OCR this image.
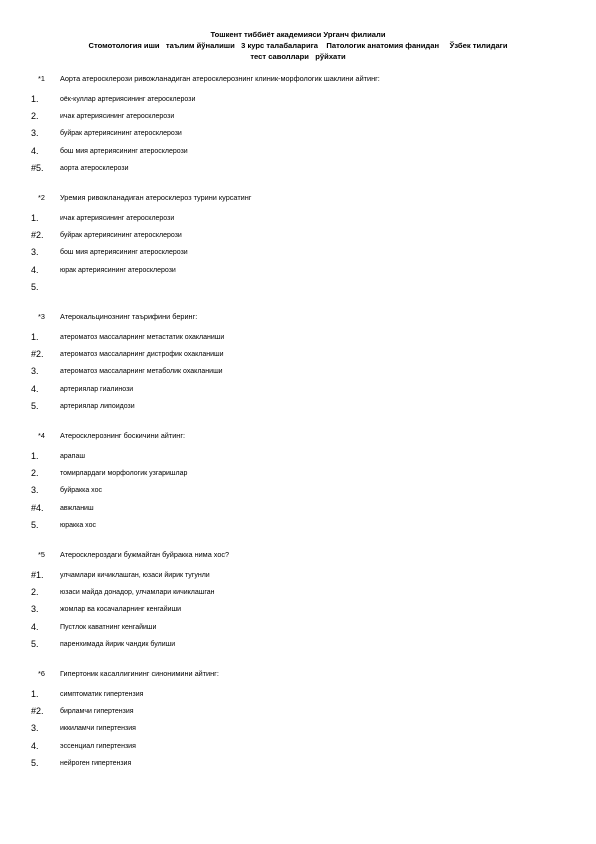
Тошкент тиббиёт академияси Урганч филиали
Стомотология иши   таълим йўналиши   3 курс талабаларига    Патологик анатомия фанидан     Ўзбек тилидаги
тест саволлари   рўйхати
*1 Аорта атеросклерози ривожланадиган атеросклерознинг клиник-морфологик шаклини айтинг:
1.	оёк-куллар артериясининг атеросклерози
2.	ичак артериясининг атеросклерози
3.	буйрак артериясининг атеросклерози
4.	бош мия артериясининг атеросклерози
#5. аорта атеросклерози
*2 Уремия ривожланадиган атеросклероз турини курсатинг
1.	ичак артериясининг атеросклерози
#2. буйрак артериясининг атеросклерози
3.	бош мия артериясининг атеросклерози
4.	юрак артериясининг атеросклерози
5.
*3 Атерокальцинознинг таърифини беринг:
1.	атероматоз массаларнинг метастатик охакланиши
#2. атероматоз массаларнинг дистрофик охакланиши
3.	атероматоз массаларнинг метаболик охакланиши
4.	артериялар гиалинози
5.	артериялар липоидози
*4 Атеросклерознинг боскичини айтинг:
1.	арапаш
2.	томирлардаги морфологик узгаришлар
3.	буйракка хос
#4. авжланиш
5.	юракка хос
*5 Атеросклероздаги бужмайган буйракка нима хос?
#1. улчамлари кичиклашган, юзаси йирик тугунли
2.	юзаси майда донадор, улчамлари кичиклашган
3.	жомлар ва косачаларнинг кенгайиши
4.	Пустлок каватнинг кенгайиши
5.	паренхимада йирик чандик булиши
*6 Гипертоник касаллигининг синонимини айтинг:
1.	симптоматик гипертензия
#2. бирламчи гипертензия
3.	иккиламчи гипертензия
4.	эссенциал гипертензия
5.	нейроген гипертензия
